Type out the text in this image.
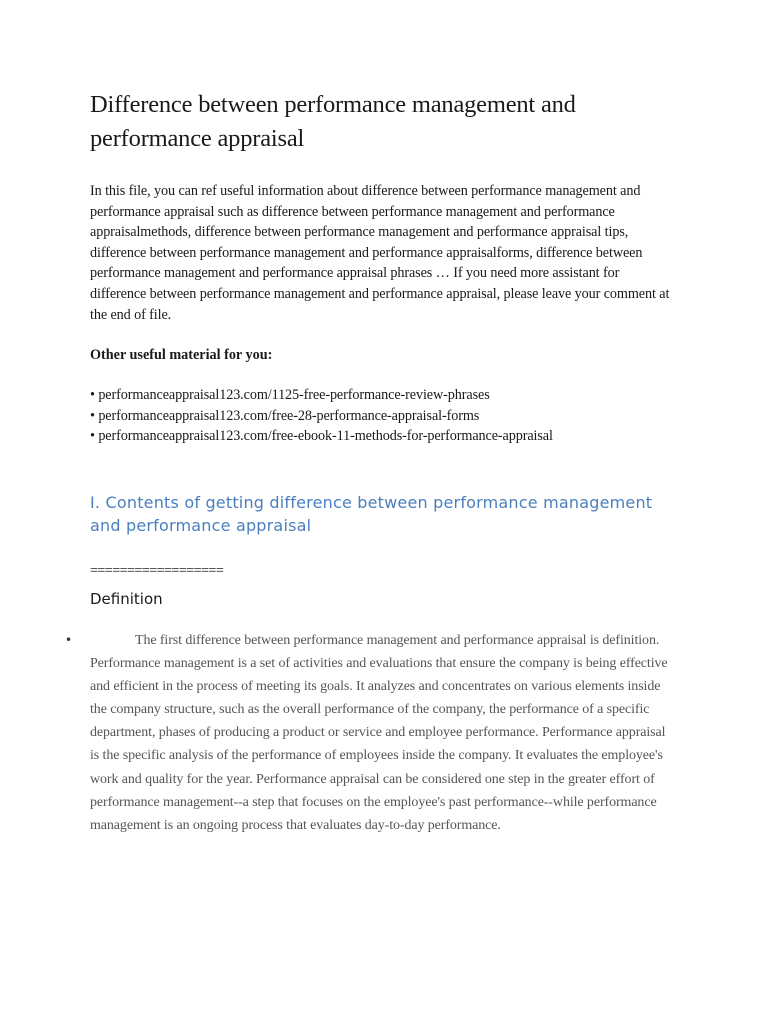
Difference between performance management and performance appraisal

In this file, you can ref useful information about difference between performance management and performance appraisal such as difference between performance management and performance appraisalmethods, difference between performance management and performance appraisal tips, difference between performance management and performance appraisalforms, difference between performance management and performance appraisal phrases … If you need more assistant for difference between performance management and performance appraisal, please leave your comment at the end of file.

Other useful material for you:

• performanceappraisal123.com/1125-free-performance-review-phrases
• performanceappraisal123.com/free-28-performance-appraisal-forms
• performanceappraisal123.com/free-ebook-11-methods-for-performance-appraisal
I. Contents of getting difference between performance management and performance appraisal
==================
Definition
•	The first difference between performance management and performance appraisal is definition. Performance management is a set of activities and evaluations that ensure the company is being effective and efficient in the process of meeting its goals. It analyzes and concentrates on various elements inside the company structure, such as the overall performance of the company, the performance of a specific department, phases of producing a product or service and employee performance. Performance appraisal is the specific analysis of the performance of employees inside the company. It evaluates the employee's work and quality for the year. Performance appraisal can be considered one step in the greater effort of performance management--a step that focuses on the employee's past performance--while performance management is an ongoing process that evaluates day-to-day performance.
